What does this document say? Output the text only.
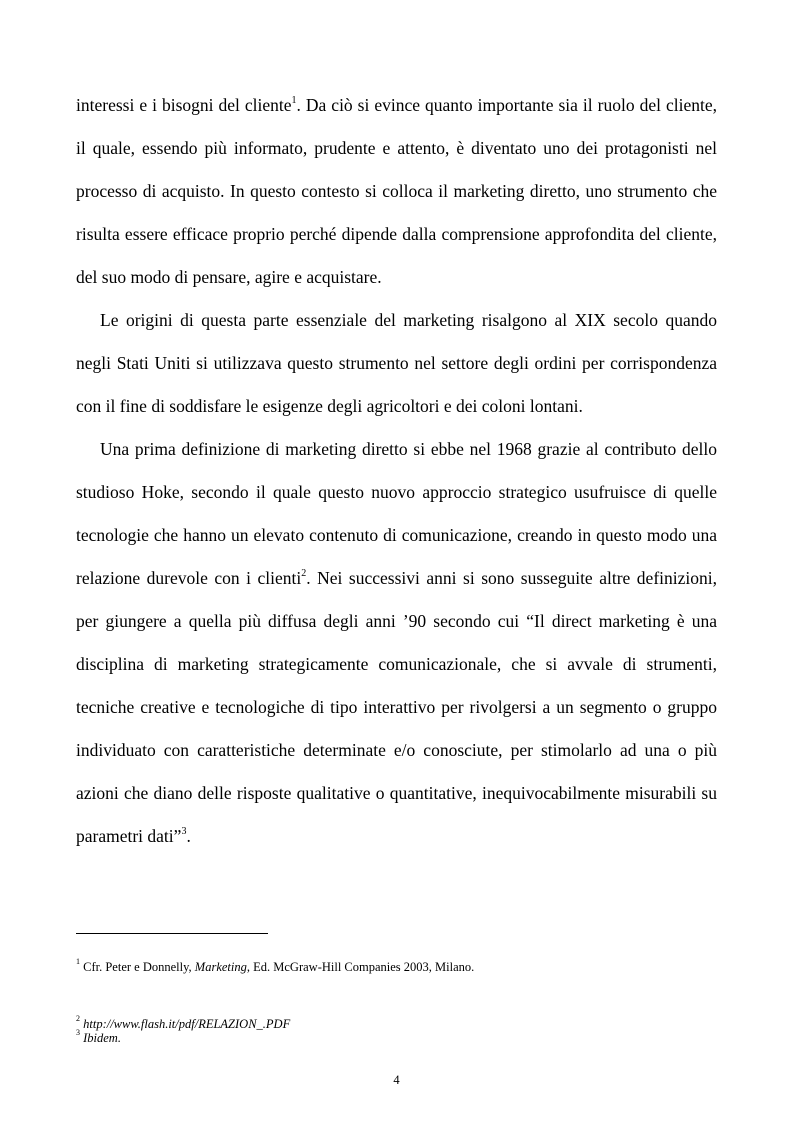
interessi e i bisogni del cliente$^1$. Da ciò si evince quanto importante sia il ruolo del cliente, il quale, essendo più informato, prudente e attento, è diventato uno dei protagonisti nel processo di acquisto. In questo contesto si colloca il marketing diretto, uno strumento che risulta essere efficace proprio perché dipende dalla comprensione approfondita del cliente, del suo modo di pensare, agire e acquistare.

Le origini di questa parte essenziale del marketing risalgono al XIX secolo quando negli Stati Uniti si utilizzava questo strumento nel settore degli ordini per corrispondenza con il fine di soddisfare le esigenze degli agricoltori e dei coloni lontani.

Una prima definizione di marketing diretto si ebbe nel 1968 grazie al contributo dello studioso Hoke, secondo il quale questo nuovo approccio strategico usufruisce di quelle tecnologie che hanno un elevato contenuto di comunicazione, creando in questo modo una relazione durevole con i clienti$^2$. Nei successivi anni si sono susseguite altre definizioni, per giungere a quella più diffusa degli anni ’90 secondo cui “Il direct marketing è una disciplina di marketing strategicamente comunicazionale, che si avvale di strumenti, tecniche creative e tecnologiche di tipo interattivo per rivolgersi a un segmento o gruppo individuato con caratteristiche determinate e/o conosciute, per stimolarlo ad una o più azioni che diano delle risposte qualitative o quantitative, inequivocabilmente misurabili su parametri dati”$^3$.

$^1$ Cfr. Peter e Donnelly, Marketing, Ed. McGraw-Hill Companies 2003, Milano.

$^2$ http://www.flash.it/pdf/RELAZION_.PDF

$^3$ Ibidem.

4
